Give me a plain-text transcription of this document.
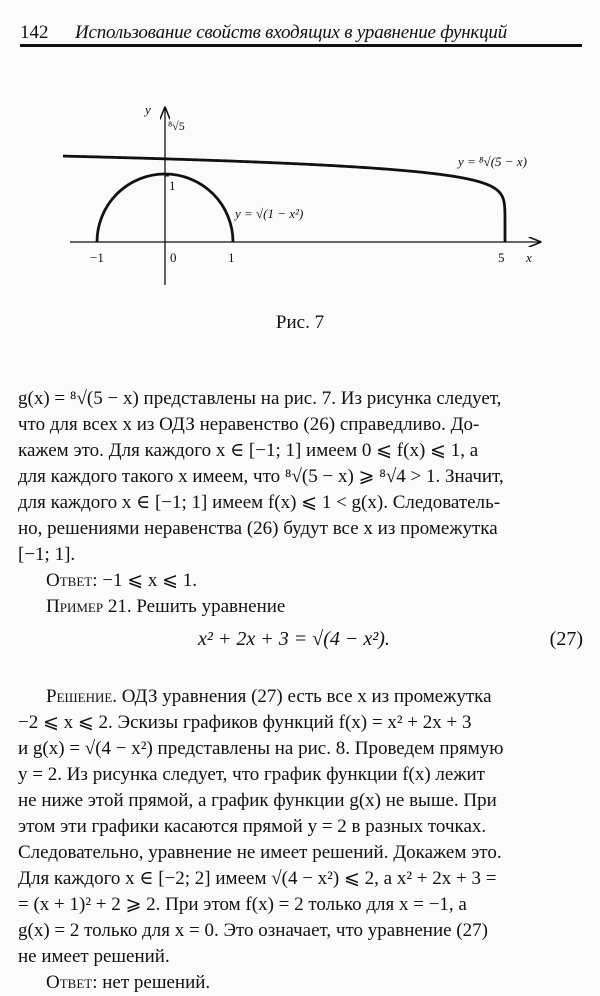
142 Использование свойств входящих в уравнение функций
y
x
⁸√5
1
−1	0	1	5
y = √(1 − x²)
y = ⁸√(5 − x)
Рис. 7
g(x) = ⁸√(5 − x) представлены на рис. 7. Из рисунка следует,
что для всех x из ОДЗ неравенство (26) справедливо. До-
кажем это. Для каждого x ∈ [−1; 1] имеем 0 ⩽ f(x) ⩽ 1, а
для каждого такого x имеем, что ⁸√(5 − x) ⩾ ⁸√4 > 1. Значит,
для каждого x ∈ [−1; 1] имеем f(x) ⩽ 1 < g(x). Следователь-
но, решениями неравенства (26) будут все x из промежутка
[−1; 1].
Ответ: −1 ⩽ x ⩽ 1.
Пример 21. Решить уравнение
x² + 2x + 3 = √(4 − x²).	(27)
Решение. ОДЗ уравнения (27) есть все x из промежутка
−2 ⩽ x ⩽ 2. Эскизы графиков функций f(x) = x² + 2x + 3
и g(x) = √(4 − x²) представлены на рис. 8. Проведем прямую
y = 2. Из рисунка следует, что график функции f(x) лежит
не ниже этой прямой, а график функции g(x) не выше. При
этом эти графики касаются прямой y = 2 в разных точках.
Следовательно, уравнение не имеет решений. Докажем это.
Для каждого x ∈ [−2; 2] имеем √(4 − x²) ⩽ 2, а x² + 2x + 3 =
= (x + 1)² + 2 ⩾ 2. При этом f(x) = 2 только для x = −1, а
g(x) = 2 только для x = 0. Это означает, что уравнение (27)
не имеет решений.
Ответ: нет решений.
